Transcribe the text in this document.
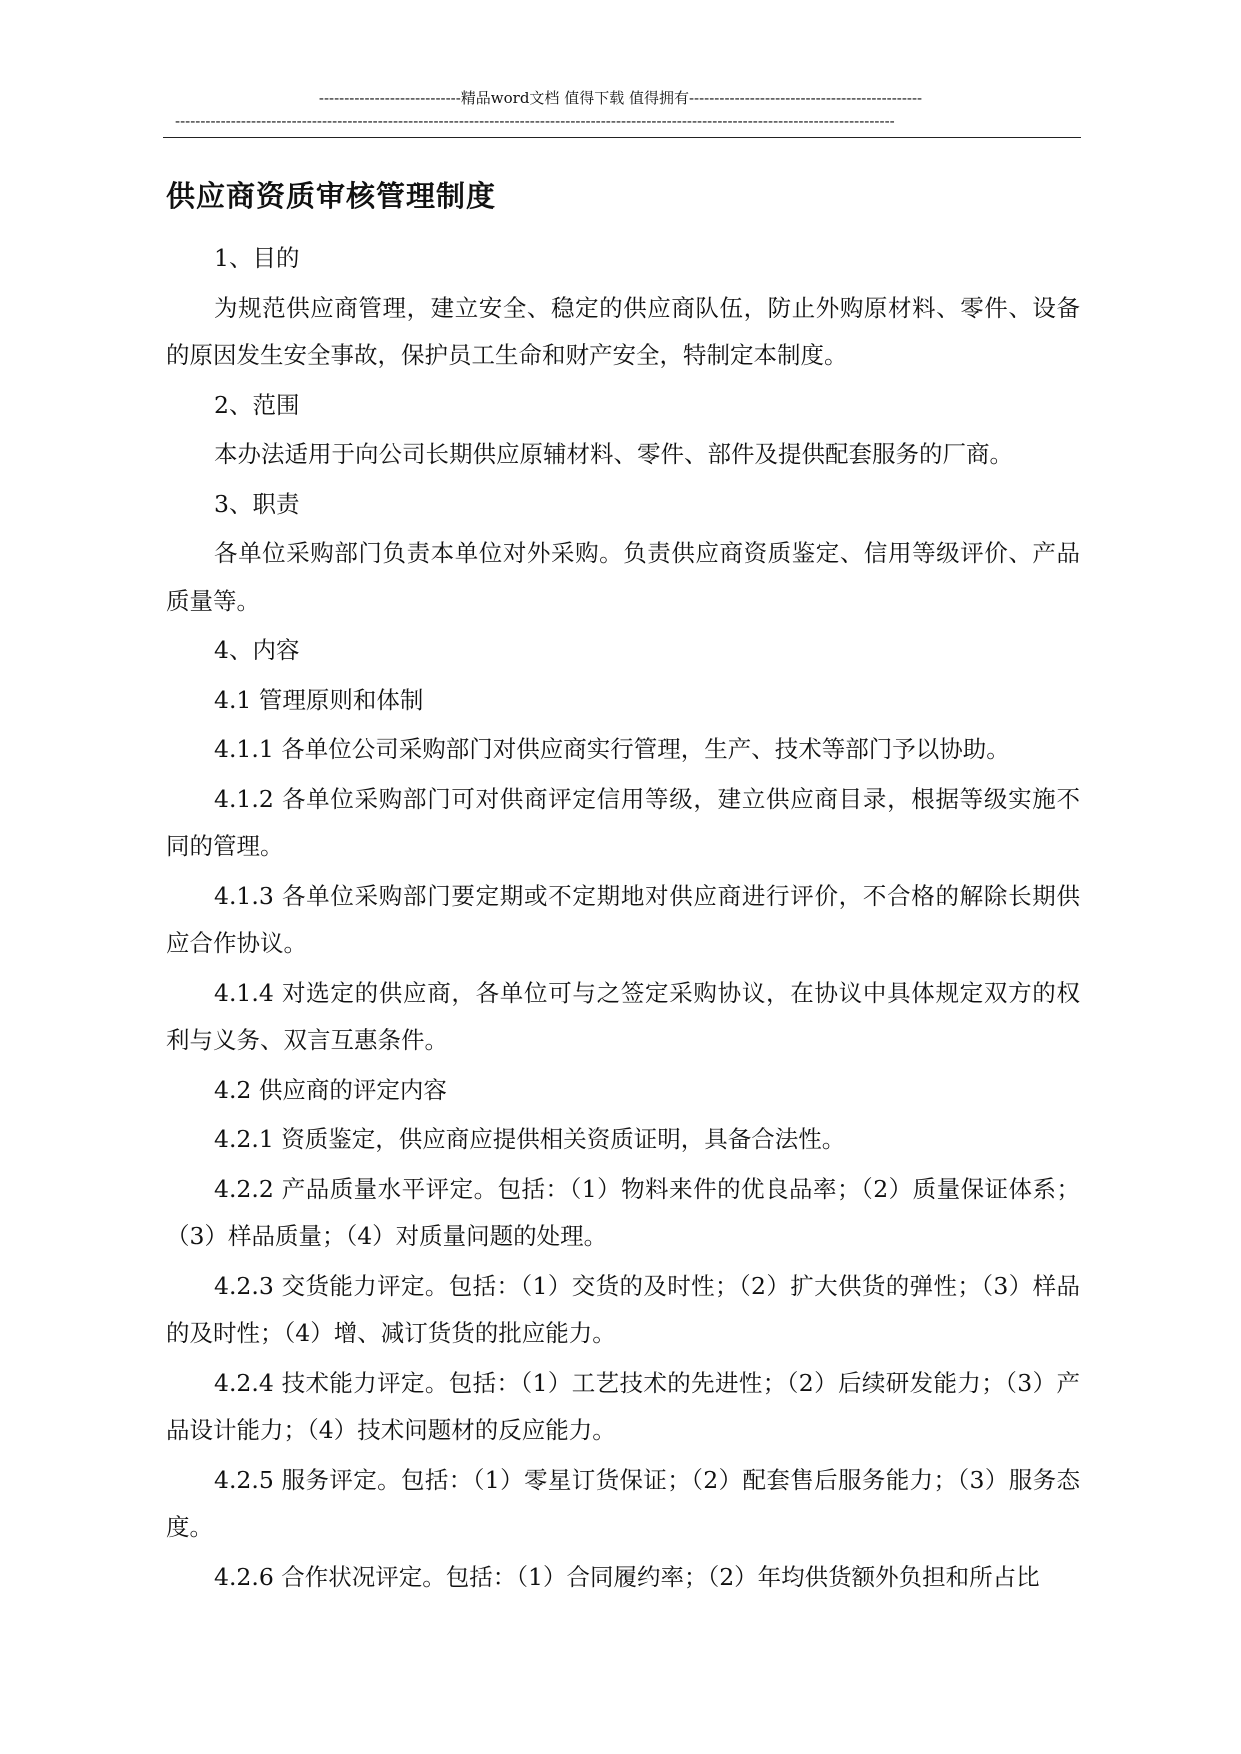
----------------------------精品word文档 值得下载 值得拥有----------------------------------------------
----------------------------------------------------------------------------------------------------------------------------------------------
供应商资质审核管理制度

1、目的

为规范供应商管理，建立安全、稳定的供应商队伍，防止外购原材料、零件、设备的原因发生安全事故，保护员工生命和财产安全，特制定本制度。

2、范围

本办法适用于向公司长期供应原辅材料、零件、部件及提供配套服务的厂商。

3、职责

各单位采购部门负责本单位对外采购。负责供应商资质鉴定、信用等级评价、产品质量等。

4、内容

4.1 管理原则和体制

4.1.1 各单位公司采购部门对供应商实行管理，生产、技术等部门予以协助。

4.1.2 各单位采购部门可对供商评定信用等级，建立供应商目录，根据等级实施不同的管理。

4.1.3 各单位采购部门要定期或不定期地对供应商进行评价，不合格的解除长期供应合作协议。

4.1.4 对选定的供应商，各单位可与之签定采购协议，在协议中具体规定双方的权利与义务、双言互惠条件。

4.2 供应商的评定内容

4.2.1 资质鉴定，供应商应提供相关资质证明，具备合法性。

4.2.2 产品质量水平评定。包括：（1）物料来件的优良品率；（2）质量保证体系；（3）样品质量；（4）对质量问题的处理。

4.2.3 交货能力评定。包括：（1）交货的及时性；（2）扩大供货的弹性；（3）样品的及时性；（4）增、减订货货的批应能力。

4.2.4 技术能力评定。包括：（1）工艺技术的先进性；（2）后续研发能力；（3）产品设计能力；（4）技术问题材的反应能力。

4.2.5 服务评定。包括：（1）零星订货保证；（2）配套售后服务能力；（3）服务态度。

4.2.6 合作状况评定。包括：（1）合同履约率；（2）年均供货额外负担和所占比
